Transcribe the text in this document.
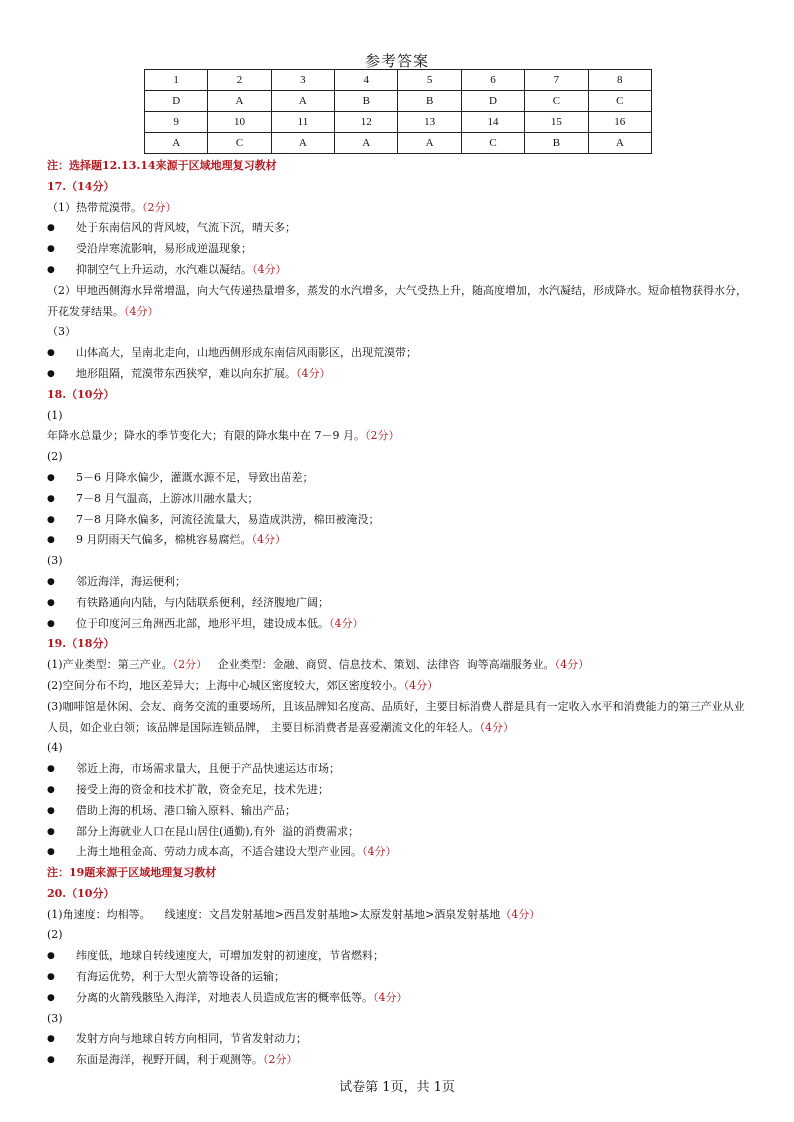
参考答案
1	2	3	4	5	6	7	8
D	A	A	B	B	D	C	C
9	10	11	12	13	14	15	16
A	C	A	A	A	C	B	A
注：选择题12.13.14来源于区域地理复习教材
17.（14分）
（1）热带荒漠带。（2分）
●	处于东南信风的背风坡，气流下沉，晴天多；
●	受沿岸寒流影响，易形成逆温现象；
●	抑制空气上升运动，水汽难以凝结。（4分）
（2）甲地西侧海水异常增温，向大气传递热量增多，蒸发的水汽增多，大气受热上升，随高度增加，水汽凝结，形成降水。短命植物获得水分，开花发芽结果。（4分）
（3）
●	山体高大，呈南北走向，山地西侧形成东南信风雨影区，出现荒漠带；
●	地形阻隔，荒漠带东西狭窄，难以向东扩展。（4分）
18.（10分）
(1)
年降水总量少；降水的季节变化大；有限的降水集中在 7－9 月。（2分）
(2)
●	5－6 月降水偏少，灌溉水源不足，导致出苗差；
●	7－8 月气温高，上游冰川融水量大；
●	7－8 月降水偏多，河流径流量大，易造成洪涝，棉田被淹没；
●	9 月阴雨天气偏多，棉桃容易腐烂。（4分）
(3)
●	邻近海洋，海运便利；
●	有铁路通向内陆，与内陆联系便利，经济腹地广阔；
●	位于印度河三角洲西北部，地形平坦，建设成本低。（4分）
19.（18分）
(1)产业类型：第三产业。（2分）   企业类型：金融、商贸、信息技术、策划、法律咨  询等高端服务业。（4分）
(2)空间分布不均，地区差异大；上海中心城区密度较大，郊区密度较小。（4分）
(3)咖啡馆是休闲、会友、商务交流的重要场所，且该品牌知名度高、品质好，主要目标消费人群是具有一定收入水平和消费能力的第三产业从业人员，如企业白领；该品牌是国际连锁品牌， 主要目标消费者是喜爱潮流文化的年轻人。（4分）
(4)
●	邻近上海，市场需求量大，且便于产品快速运达市场；
●	接受上海的资金和技术扩散，资金充足，技术先进；
●	借助上海的机场、港口输入原料、输出产品；
●	部分上海就业人口在昆山居住(通勤),有外  溢的消费需求；
●	上海土地租金高、劳动力成本高，不适合建设大型产业园。（4分）
注：19题来源于区域地理复习教材
20.（10分）
(1)角速度：均相等。    线速度：文昌发射基地>西昌发射基地>太原发射基地>酒泉发射基地（4分）
(2)
●	纬度低，地球自转线速度大，可增加发射的初速度，节省燃料；
●	有海运优势，利于大型火箭等设备的运输；
●	分离的火箭残骸坠入海洋，对地表人员造成危害的概率低等。（4分）
(3)
●	发射方向与地球自转方向相同，节省发射动力；
●	东面是海洋，视野开阔，利于观测等。（2分）
试卷第 1页，共 1页
